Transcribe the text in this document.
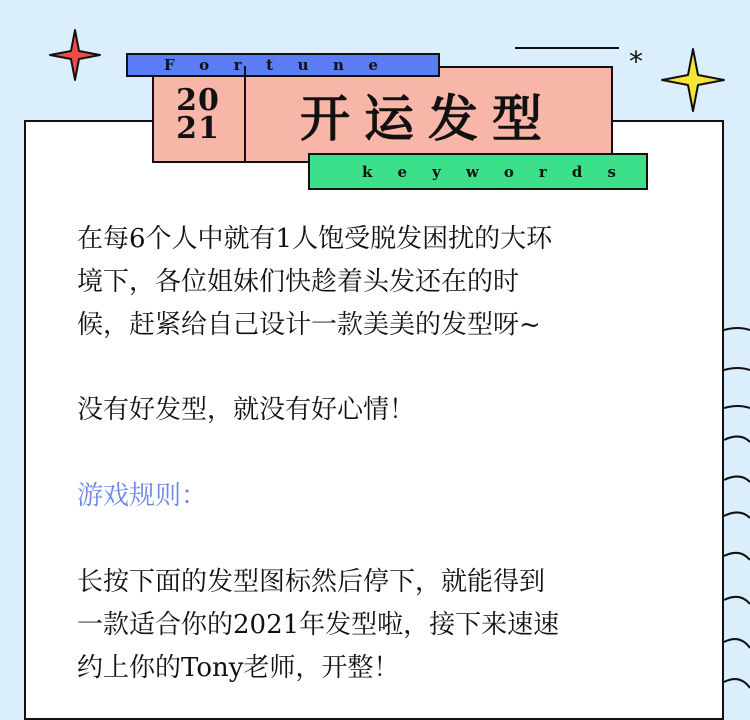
*
F o r t u n e
20
21	开运发型
k e y w o r d s

在每6个人中就有1人饱受脱发困扰的大环

境下，各位姐妹们快趁着头发还在的时

候，赶紧给自己设计一款美美的发型呀~

没有好发型，就没有好心情！

游戏规则：

长按下面的发型图标然后停下，就能得到

一款适合你的2021年发型啦，接下来速速

约上你的Tony老师，开整！
